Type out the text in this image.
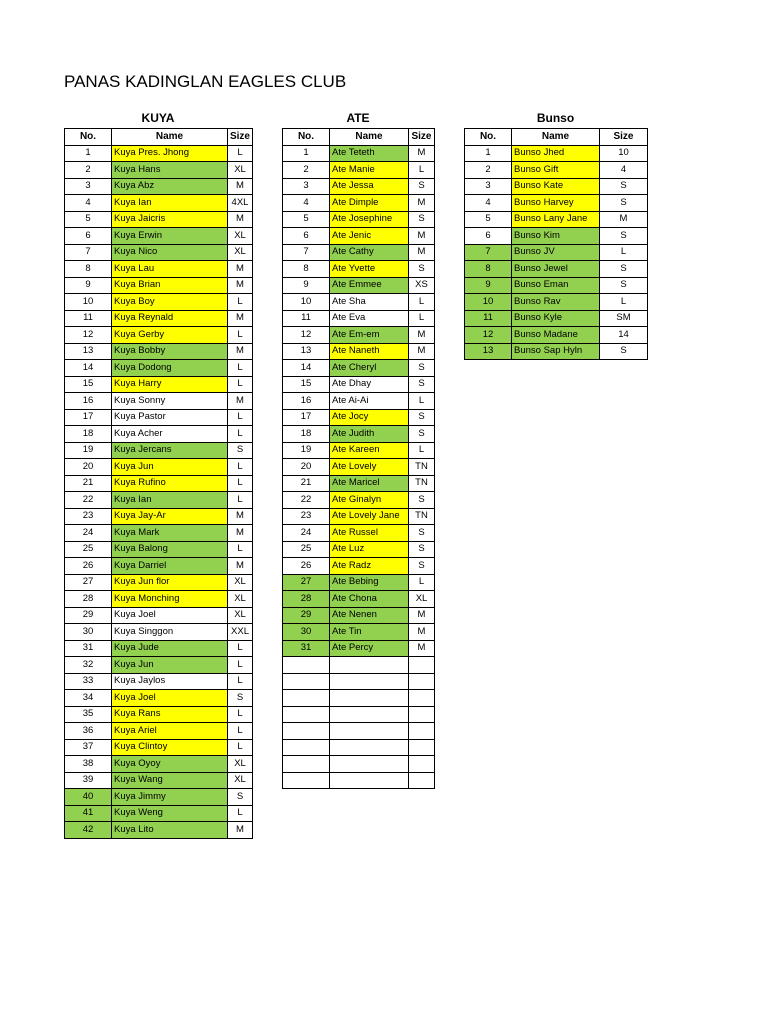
PANAS KADINGLAN EAGLES CLUB
KUYA	ATE	Bunso
No.	Name	Size
1	Kuya Pres. Jhong	L
2	Kuya Hans	XL
3	Kuya Abz	M
4	Kuya Ian	4XL
5	Kuya Jaicris	M
6	Kuya Erwin	XL
7	Kuya Nico	XL
8	Kuya Lau	M
9	Kuya Brian	M
10	Kuya Boy	L
11	Kuya Reynald	M
12	Kuya Gerby	L
13	Kuya Bobby	M
14	Kuya Dodong	L
15	Kuya Harry	L
16	Kuya Sonny	M
17	Kuya Pastor	L
18	Kuya Acher	L
19	Kuya Jercans	S
20	Kuya Jun	L
21	Kuya Rufino	L
22	Kuya Ian	L
23	Kuya Jay-Ar	M
24	Kuya Mark	M
25	Kuya Balong	L
26	Kuya Darriel	M
27	Kuya Jun flor	XL
28	Kuya Monching	XL
29	Kuya Joel	XL
30	Kuya Singgon	XXL
31	Kuya Jude	L
32	Kuya Jun	L
33	Kuya Jaylos	L
34	Kuya Joel	S
35	Kuya Rans	L
36	Kuya Ariel	L
37	Kuya Clintoy	L
38	Kuya Oyoy	XL
39	Kuya Wang	XL
40	Kuya Jimmy	S
41	Kuya Weng	L
42	Kuya Lito	M
No.	Name	Size
1	Ate Teteth	M
2	Ate Manie	L
3	Ate Jessa	S
4	Ate Dimple	M
5	Ate Josephine	S
6	Ate Jenic	M
7	Ate Cathy	M
8	Ate Yvette	S
9	Ate Emmee	XS
10	Ate Sha	L
11	Ate Eva	L
12	Ate Em-em	M
13	Ate Naneth	M
14	Ate Cheryl	S
15	Ate Dhay	S
16	Ate Ai-Ai	L
17	Ate Jocy	S
18	Ate Judith	S
19	Ate Kareen	L
20	Ate Lovely	TN
21	Ate Maricel	TN
22	Ate Ginalyn	S
23	Ate Lovely Jane	TN
24	Ate Russel	S
25	Ate Luz	S
26	Ate Radz	S
27	Ate Bebing	L
28	Ate Chona	XL
29	Ate Nenen	M
30	Ate Tin	M
31	Ate Percy	M

No.	Name	Size
1	Bunso Jhed	10
2	Bunso Gift	4
3	Bunso Kate	S
4	Bunso Harvey	S
5	Bunso Lany Jane	M
6	Bunso Kim	S
7	Bunso JV	L
8	Bunso Jewel	S
9	Bunso Eman	S
10	Bunso Rav	L
11	Bunso Kyle	SM
12	Bunso Madane	14
13	Bunso Sap Hyln	S
